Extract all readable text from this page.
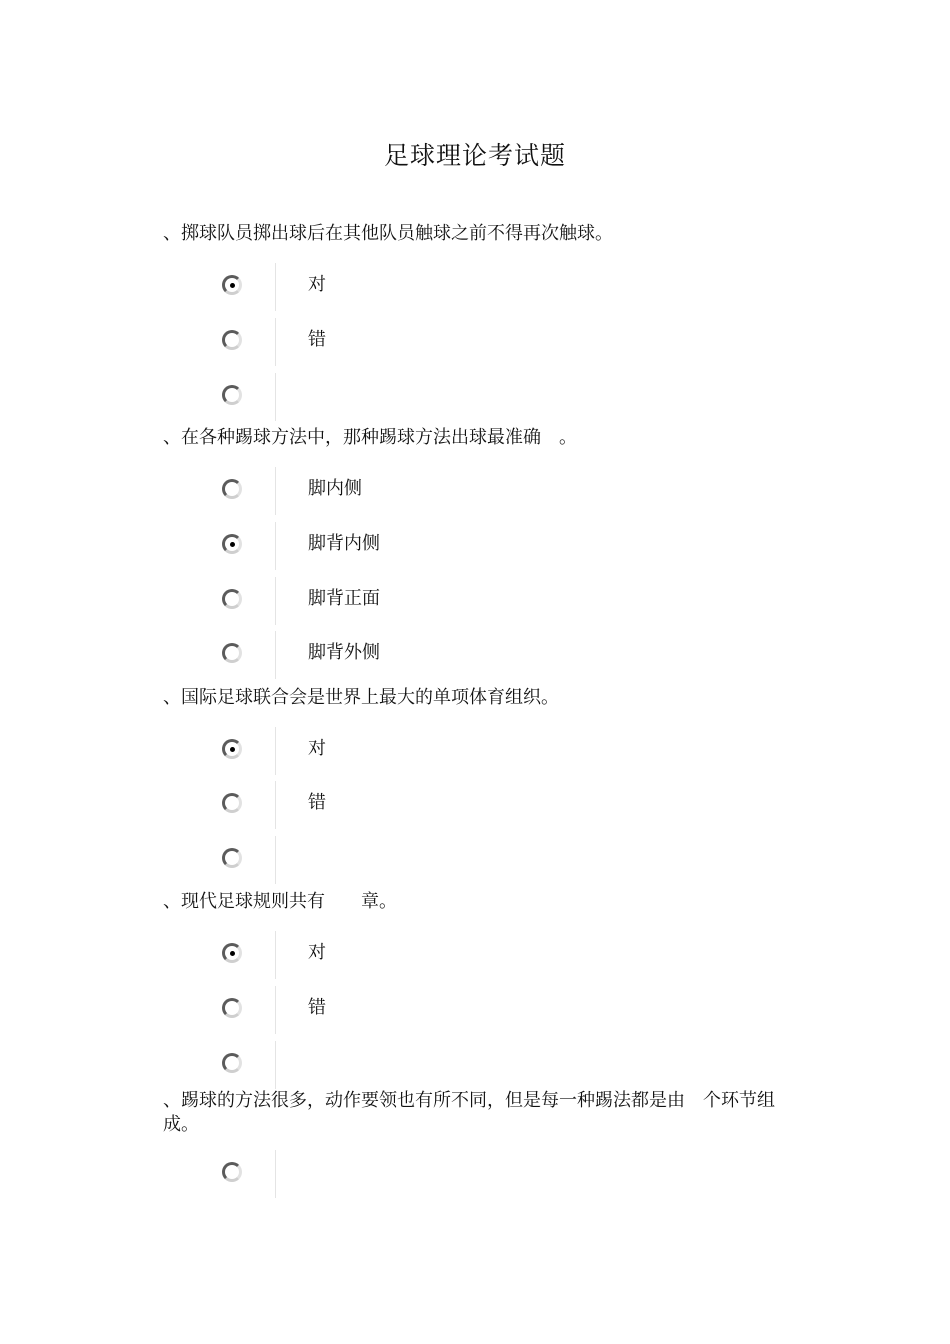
足球理论考试题
、掷球队员掷出球后在其他队员触球之前不得再次触球。
对
错
、在各种踢球方法中，那种踢球方法出球最准确　。
脚内侧
脚背内侧
脚背正面
脚背外侧
、国际足球联合会是世界上最大的单项体育组织。
对
错
、现代足球规则共有　　章。
对
错
、踢球的方法很多，动作要领也有所不同，但是每一种踢法都是由　个环节组成。
